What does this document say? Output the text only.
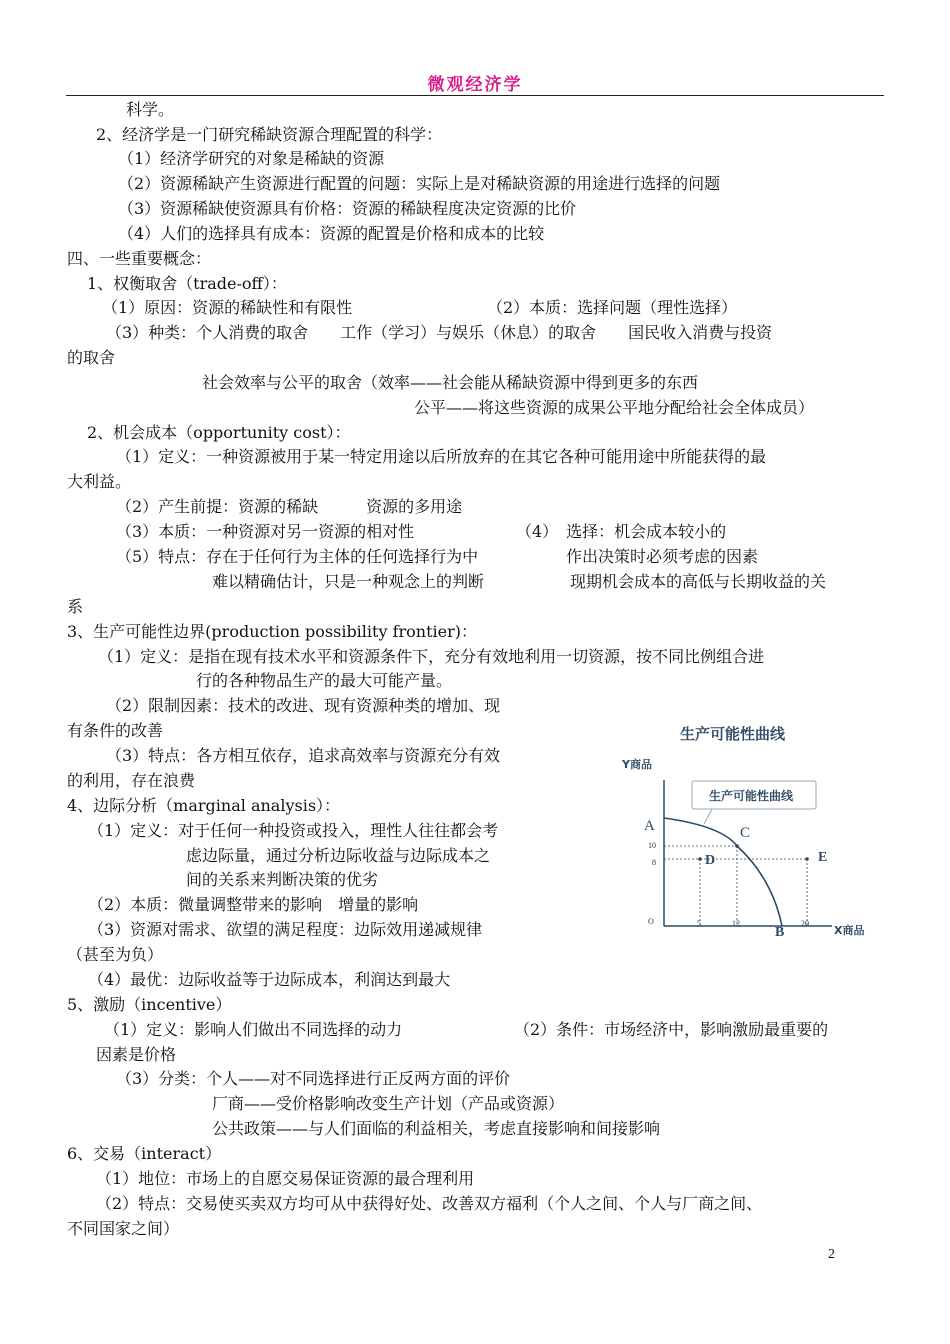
微观经济学
科学。
2、经济学是一门研究稀缺资源合理配置的科学：
（1）经济学研究的对象是稀缺的资源
（2）资源稀缺产生资源进行配置的问题：实际上是对稀缺资源的用途进行选择的问题
（3）资源稀缺使资源具有价格：资源的稀缺程度决定资源的比价
（4）人们的选择具有成本：资源的配置是价格和成本的比较
四、一些重要概念：
1、权衡取舍（trade-off）：
（1）原因：资源的稀缺性和有限性	（2）本质：选择问题（理性选择）
（3）种类：个人消费的取舍　　工作（学习）与娱乐（休息）的取舍　　国民收入消费与投资
的取舍
社会效率与公平的取舍（效率——社会能从稀缺资源中得到更多的东西
公平——将这些资源的成果公平地分配给社会全体成员）
2、机会成本（opportunity cost）：
（1）定义：一种资源被用于某一特定用途以后所放弃的在其它各种可能用途中所能获得的最
大利益。
（2）产生前提：资源的稀缺　　　资源的多用途
（3）本质：一种资源对另一资源的相对性	（4）　选择：机会成本较小的
（5）特点：存在于任何行为主体的任何选择行为中	作出决策时必须考虑的因素
难以精确估计，只是一种观念上的判断	现期机会成本的高低与长期收益的关
系
3、生产可能性边界(production possibility frontier)：
（1）定义：是指在现有技术水平和资源条件下，充分有效地利用一切资源，按不同比例组合进
行的各种物品生产的最大可能产量。
（2）限制因素：技术的改进、现有资源种类的增加、现
有条件的改善
（3）特点：各方相互依存，追求高效率与资源充分有效
的利用，存在浪费
4、边际分析（marginal analysis）：
（1）定义：对于任何一种投资或投入，理性人往往都会考
虑边际量，通过分析边际收益与边际成本之
间的关系来判断决策的优劣
（2）本质：微量调整带来的影响　增量的影响
（3）资源对需求、欲望的满足程度：边际效用递减规律
（甚至为负）
（4）最优：边际收益等于边际成本，利润达到最大
5、激励（incentive）
（1）定义：影响人们做出不同选择的动力	（2）条件：市场经济中，影响激励最重要的
因素是价格
（3）分类：个人——对不同选择进行正反两方面的评价
厂商——受价格影响改变生产计划（产品或资源）
公共政策——与人们面临的利益相关，考虑直接影响和间接影响
6、交易（interact）
（1）地位：市场上的自愿交易保证资源的最合理利用
（2）特点：交易使买卖双方均可从中获得好处、改善双方福利（个人之间、个人与厂商之间、
不同国家之间）
生产可能性曲线
Y商品
X商品
O
生产可能性曲线
A	C
D	E
B
10
8
5	12	20
2
